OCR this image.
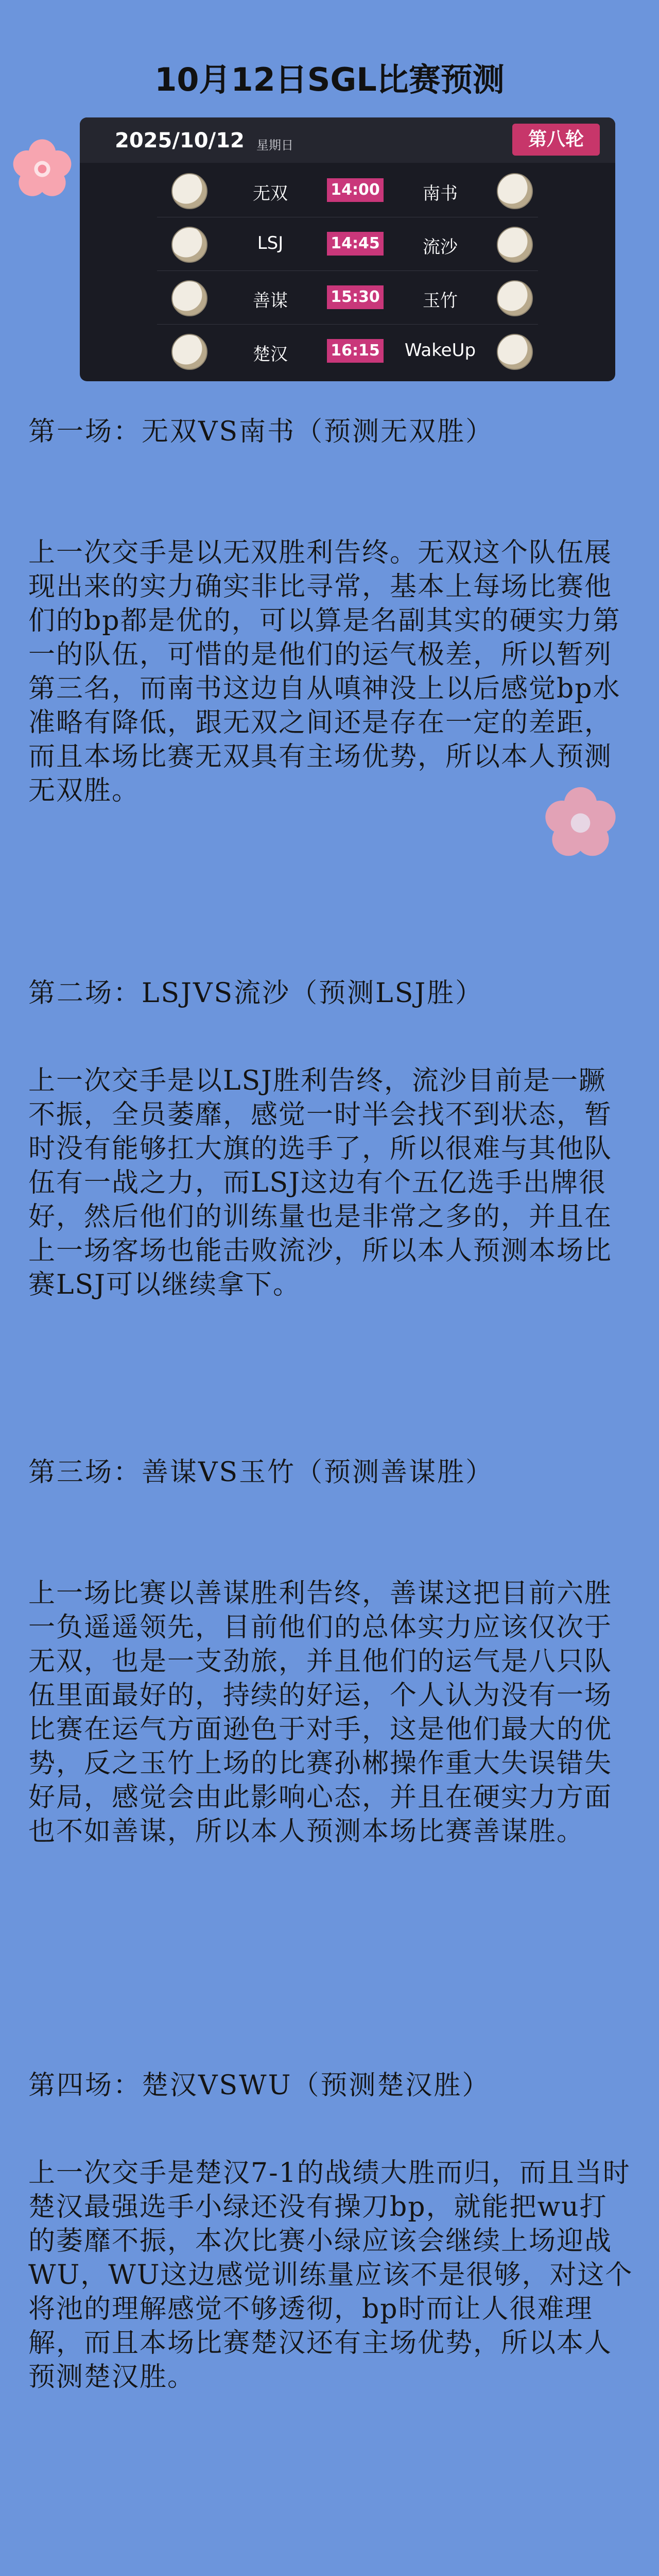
10月12日SGL比赛预测
2025/10/12 星期日	第八轮
无双	14:00	南书
LSJ	14:45	流沙
善谋	15:30	玉竹
楚汉	16:15	WakeUp
第一场：无双VS南书（预测无双胜）
上一次交手是以无双胜利告终。无双这个队伍展现出来的实力确实非比寻常，基本上每场比赛他们的bp都是优的，可以算是名副其实的硬实力第一的队伍，可惜的是他们的运气极差，所以暂列第三名，而南书这边自从嗔神没上以后感觉bp水准略有降低，跟无双之间还是存在一定的差距，而且本场比赛无双具有主场优势，所以本人预测无双胜。
第二场：LSJVS流沙（预测LSJ胜）
上一次交手是以LSJ胜利告终，流沙目前是一蹶不振，全员萎靡，感觉一时半会找不到状态，暂时没有能够扛大旗的选手了，所以很难与其他队伍有一战之力，而LSJ这边有个五亿选手出牌很好，然后他们的训练量也是非常之多的，并且在上一场客场也能击败流沙，所以本人预测本场比赛LSJ可以继续拿下。
第三场：善谋VS玉竹（预测善谋胜）
上一场比赛以善谋胜利告终，善谋这把目前六胜一负遥遥领先，目前他们的总体实力应该仅次于无双，也是一支劲旅，并且他们的运气是八只队伍里面最好的，持续的好运，个人认为没有一场比赛在运气方面逊色于对手，这是他们最大的优势，反之玉竹上场的比赛孙郴操作重大失误错失好局，感觉会由此影响心态，并且在硬实力方面也不如善谋，所以本人预测本场比赛善谋胜。
第四场：楚汉VSWU（预测楚汉胜）
上一次交手是楚汉7-1的战绩大胜而归，而且当时楚汉最强选手小绿还没有操刀bp，就能把wu打的萎靡不振，本次比赛小绿应该会继续上场迎战WU，WU这边感觉训练量应该不是很够，对这个将池的理解感觉不够透彻，bp时而让人很难理解，而且本场比赛楚汉还有主场优势，所以本人预测楚汉胜。
